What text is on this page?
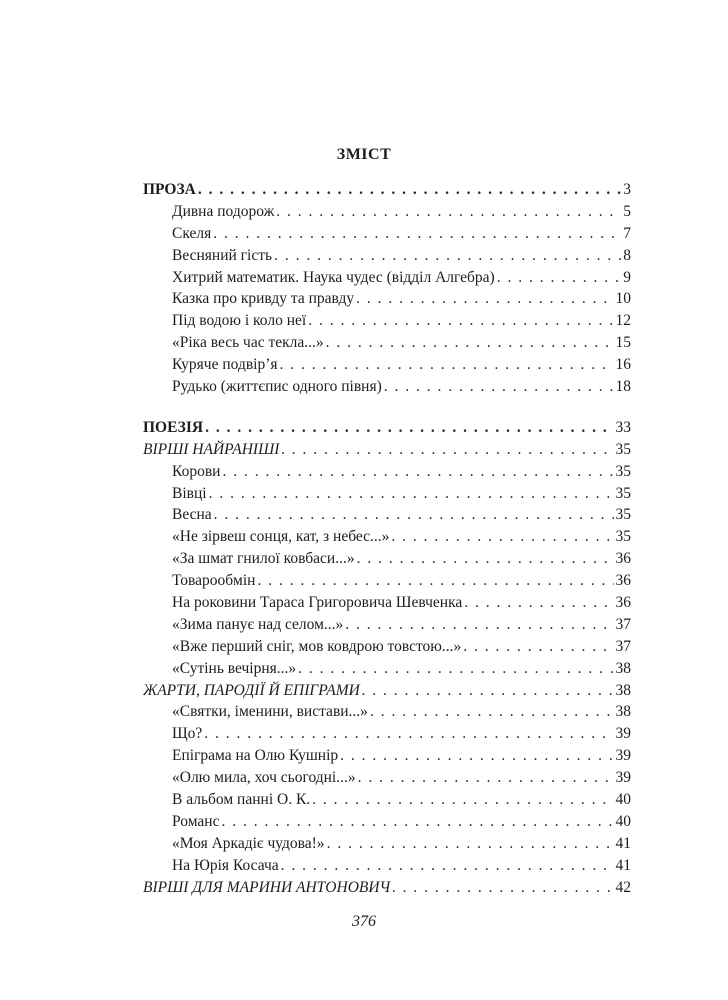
ЗМІСТ
ПРОЗА . . .	3
Дивна подорож . . .	5
Скеля . . .	7
Весняний гість . . .	8
Хитрий математик. Наука чудес (відділ Алгебра) . . .	9
Казка про кривду та правду . . .	10
Під водою і коло неї . . .	12
«Ріка весь час текла...» . . .	15
Куряче подвір’я . . .	16
Рудько (життєпис одного півня) . . .	18
ПОЕЗІЯ . . .	33
ВІРШІ НАЙРАНІШІ . . .	35
Корови . . .	35
Вівці . . .	35
Весна . . .	35
«Не зірвеш сонця, кат, з небес...» . . .	35
«За шмат гнилої ковбаси...» . . .	36
Товарообмін . . .	36
На роковини Тараса Григоровича Шевченка . . .	36
«Зима панує над селом...» . . .	37
«Вже перший сніг, мов ковдрою товстою...» . . .	37
«Сутінь вечірня...» . . .	38
ЖАРТИ, ПАРОДІЇ Й ЕПІГРАМИ . . .	38
«Святки, іменини, вистави...» . . .	38
Що? . . .	39
Епіграма на Олю Кушнір . . .	39
«Олю мила, хоч сьогодні...» . . .	39
В альбом панні О. К. . . .	40
Романс . . .	40
«Моя Аркадіє чудова!» . . .	41
На Юрія Косача . . .	41
ВІРШІ ДЛЯ МАРИНИ АНТОНОВИЧ . . .	42
376
